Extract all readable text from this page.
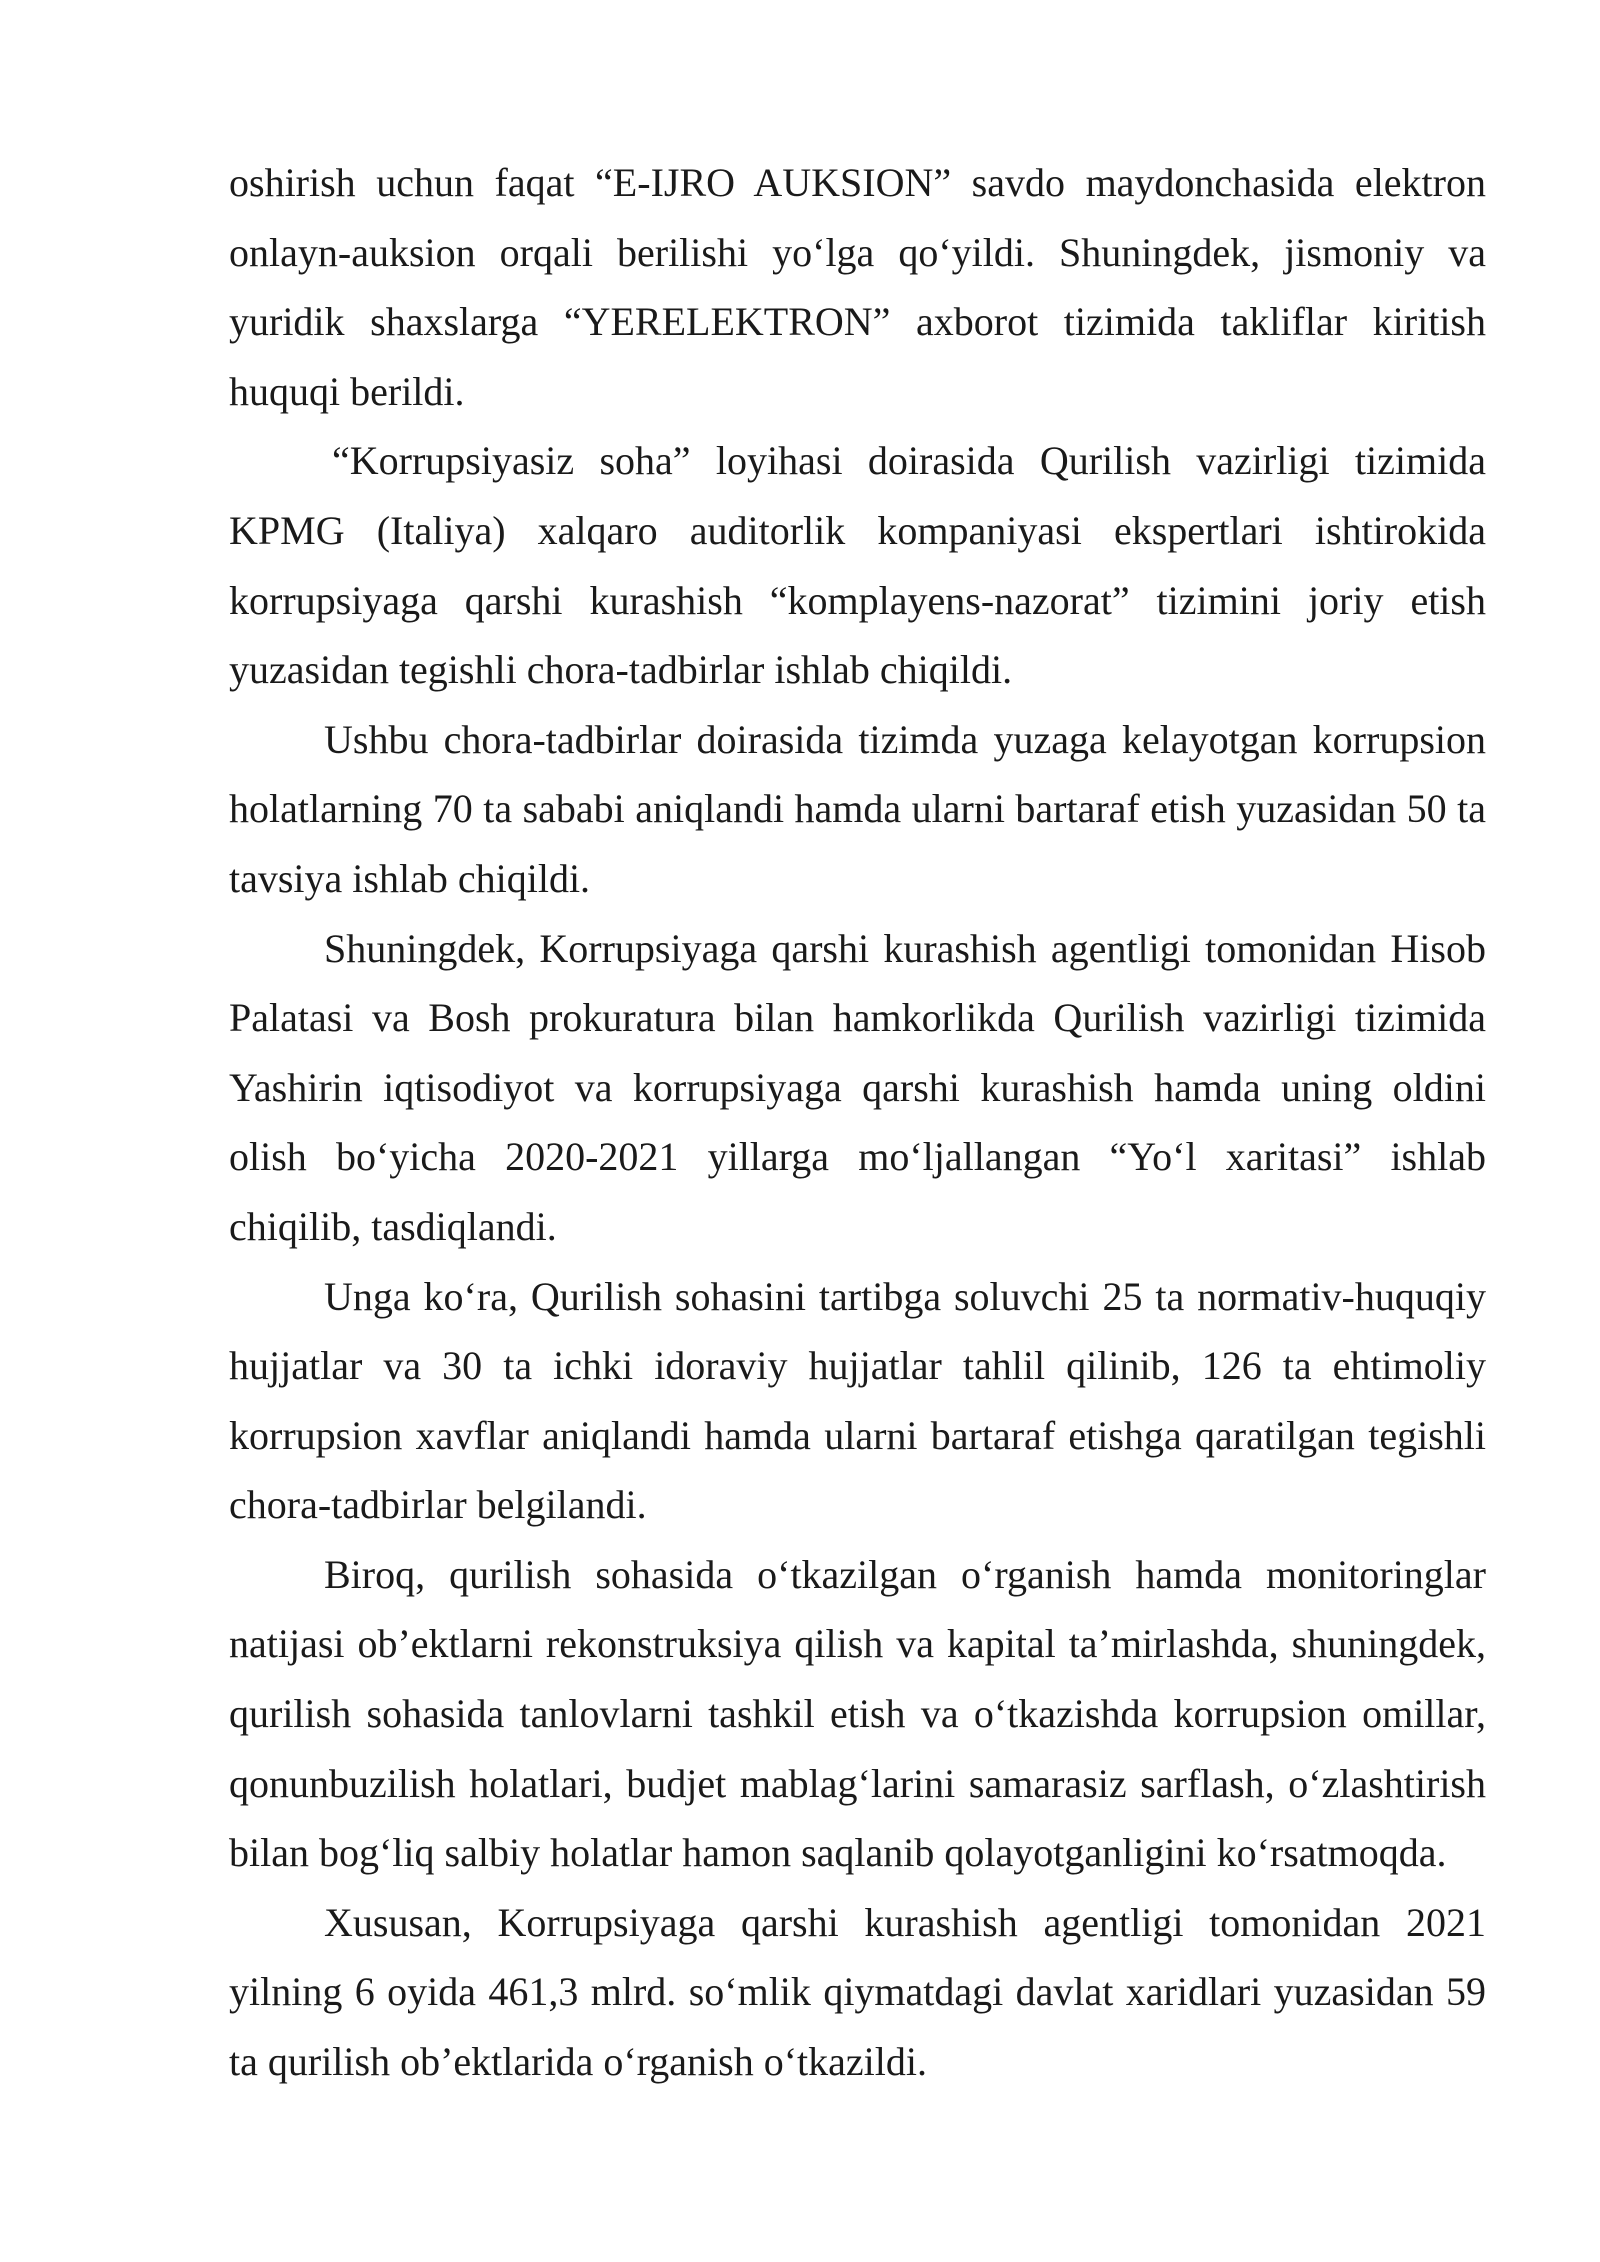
oshirish uchun faqat “E-IJRO AUKSION” savdo maydonchasida elektron onlayn-auksion orqali berilishi yo‘lga qo‘yildi. Shuningdek, jismoniy va yuridik shaxslarga “YERELEKTRON” axborot tizimida takliflar kiritish huquqi berildi.

“Korrupsiyasiz soha” loyihasi doirasida Qurilish vazirligi tizimida KPMG (Italiya) xalqaro auditorlik kompaniyasi ekspertlari ishtirokida korrupsiyaga qarshi kurashish “komplayens-nazorat” tizimini joriy etish yuzasidan tegishli chora-tadbirlar ishlab chiqildi.

Ushbu chora-tadbirlar doirasida tizimda yuzaga kelayotgan korrupsion holatlarning 70 ta sababi aniqlandi hamda ularni bartaraf etish yuzasidan 50 ta tavsiya ishlab chiqildi.

Shuningdek, Korrupsiyaga qarshi kurashish agentligi tomonidan Hisob Palatasi va Bosh prokuratura bilan hamkorlikda Qurilish vazirligi tizimida Yashirin iqtisodiyot va korrupsiyaga qarshi kurashish hamda uning oldini olish bo‘yicha 2020-2021 yillarga mo‘ljallangan “Yo‘l xaritasi” ishlab chiqilib, tasdiqlandi.

Unga ko‘ra, Qurilish sohasini tartibga soluvchi 25 ta normativ-huquqiy hujjatlar va 30 ta ichki idoraviy hujjatlar tahlil qilinib, 126 ta ehtimoliy korrupsion xavflar aniqlandi hamda ularni bartaraf etishga qaratilgan tegishli chora-tadbirlar belgilandi.

Biroq, qurilish sohasida o‘tkazilgan o‘rganish hamda monitoringlar natijasi ob’ektlarni rekonstruksiya qilish va kapital ta’mirlashda, shuningdek, qurilish sohasida tanlovlarni tashkil etish va o‘tkazishda korrupsion omillar, qonunbuzilish holatlari, budjet mablag‘larini samarasiz sarflash, o‘zlashtirish bilan bog‘liq salbiy holatlar hamon saqlanib qolayotganligini ko‘rsatmoqda.

Xususan, Korrupsiyaga qarshi kurashish agentligi tomonidan 2021 yilning 6 oyida 461,3 mlrd. so‘mlik qiymatdagi davlat xaridlari yuzasidan 59 ta qurilish ob’ektlarida o‘rganish o‘tkazildi.
